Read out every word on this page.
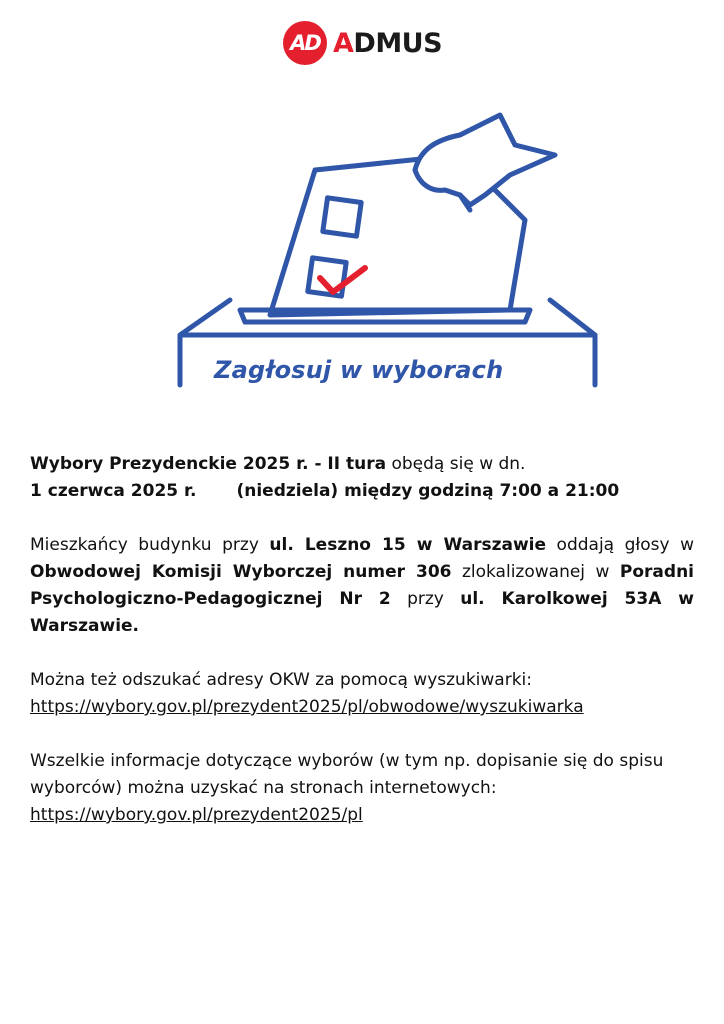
AD ADMUS
Zagłosuj w wyborach

Wybory Prezydenckie 2025 r. - II tura obędą się w dn.

1 czerwca 2025 r. (niedziela) między godziną 7:00 a 21:00

Mieszkańcy budynku przy ul. Leszno 15 w Warszawie oddają głosy w Obwodowej Komisji Wyborczej numer 306 zlokalizowanej w Poradni Psychologiczno-Pedagogicznej Nr 2 przy ul. Karolkowej 53A w Warszawie.

Można też odszukać adresy OKW za pomocą wyszukiwarki:

https://wybory.gov.pl/prezydent2025/pl/obwodowe/wyszukiwarka

Wszelkie informacje dotyczące wyborów (w tym np. dopisanie się do spisu wyborców) można uzyskać na stronach internetowych:

https://wybory.gov.pl/prezydent2025/pl
